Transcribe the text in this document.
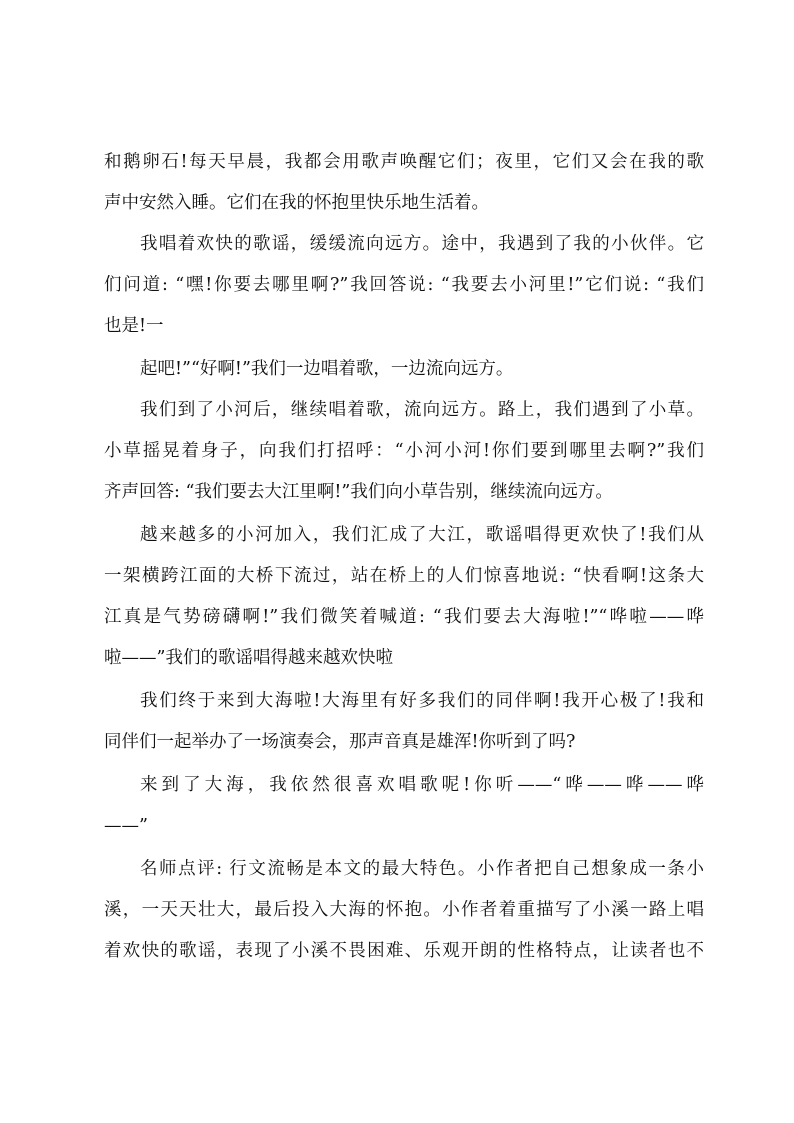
和鹅卵石!每天早晨，我都会用歌声唤醒它们；夜里，它们又会在我的歌
声中安然入睡。它们在我的怀抱里快乐地生活着。
我唱着欢快的歌谣，缓缓流向远方。途中，我遇到了我的小伙伴。它
们问道: “嘿!你要去哪里啊?”我回答说: “我要去小河里!”它们说: “我们
也是!一
起吧!”“好啊!”我们一边唱着歌，一边流向远方。
我们到了小河后，继续唱着歌，流向远方。路上，我们遇到了小草。
小草摇晃着身子，向我们打招呼：“小河小河!你们要到哪里去啊?”我们
齐声回答: “我们要去大江里啊!”我们向小草告别，继续流向远方。
越来越多的小河加入，我们汇成了大江，歌谣唱得更欢快了!我们从
一架横跨江面的大桥下流过，站在桥上的人们惊喜地说: “快看啊!这条大
江真是气势磅礴啊!”我们微笑着喊道: “我们要去大海啦!”“哗啦——哗
啦——”我们的歌谣唱得越来越欢快啦
我们终于来到大海啦!大海里有好多我们的同伴啊!我开心极了!我和
同伴们一起举办了一场演奏会，那声音真是雄浑!你听到了吗?
来到了大海，我依然很喜欢唱歌呢!你听——“哗——哗——哗
——”
名师点评: 行文流畅是本文的最大特色。小作者把自己想象成一条小
溪，一天天壮大，最后投入大海的怀抱。小作者着重描写了小溪一路上唱
着欢快的歌谣，表现了小溪不畏困难、乐观开朗的性格特点，让读者也不
